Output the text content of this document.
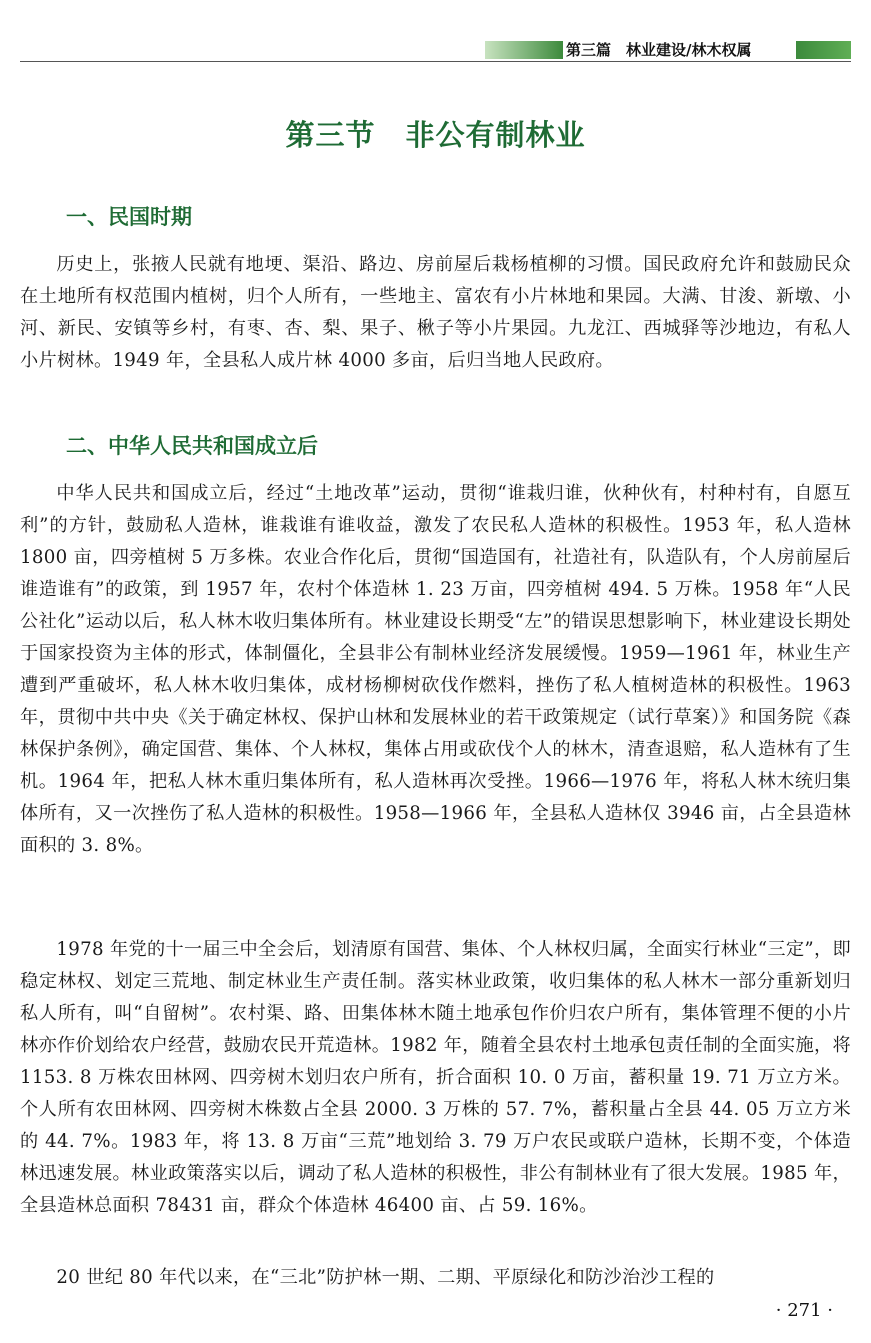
第三篇　林业建设/林木权属
第三节　非公有制林业
一、民国时期

历史上，张掖人民就有地埂、渠沿、路边、房前屋后栽杨植柳的习惯。国民政府允许和鼓励民众在土地所有权范围内植树，归个人所有，一些地主、富农有小片林地和果园。大满、甘浚、新墩、小河、新民、安镇等乡村，有枣、杏、梨、果子、楸子等小片果园。九龙江、西城驿等沙地边，有私人小片树林。1949 年，全县私人成片林 4000 多亩，后归当地人民政府。

二、中华人民共和国成立后

中华人民共和国成立后，经过“土地改革”运动，贯彻“谁栽归谁，伙种伙有，村种村有，自愿互利”的方针，鼓励私人造林，谁栽谁有谁收益，激发了农民私人造林的积极性。1953 年，私人造林 1800 亩，四旁植树 5 万多株。农业合作化后，贯彻“国造国有，社造社有，队造队有，个人房前屋后谁造谁有”的政策，到 1957 年，农村个体造林 1. 23 万亩，四旁植树 494. 5 万株。1958 年“人民公社化”运动以后，私人林木收归集体所有。林业建设长期受“左”的错误思想影响下，林业建设长期处于国家投资为主体的形式，体制僵化，全县非公有制林业经济发展缓慢。1959—1961 年，林业生产遭到严重破坏，私人林木收归集体，成材杨柳树砍伐作燃料，挫伤了私人植树造林的积极性。1963 年，贯彻中共中央《关于确定林权、保护山林和发展林业的若干政策规定（试行草案）》和国务院《森林保护条例》，确定国营、集体、个人林权，集体占用或砍伐个人的林木，清查退赔，私人造林有了生机。1964 年，把私人林木重归集体所有，私人造林再次受挫。1966—1976 年，将私人林木统归集体所有，又一次挫伤了私人造林的积极性。1958—1966 年，全县私人造林仅 3946 亩，占全县造林面积的 3. 8%。

1978 年党的十一届三中全会后，划清原有国营、集体、个人林权归属，全面实行林业“三定”，即稳定林权、划定三荒地、制定林业生产责任制。落实林业政策，收归集体的私人林木一部分重新划归私人所有，叫“自留树”。农村渠、路、田集体林木随土地承包作价归农户所有，集体管理不便的小片林亦作价划给农户经营，鼓励农民开荒造林。1982 年，随着全县农村土地承包责任制的全面实施，将 1153. 8 万株农田林网、四旁树木划归农户所有，折合面积 10. 0 万亩，蓄积量 19. 71 万立方米。个人所有农田林网、四旁树木株数占全县 2000. 3 万株的 57. 7%，蓄积量占全县 44. 05 万立方米的 44. 7%。1983 年，将 13. 8 万亩“三荒”地划给 3. 79 万户农民或联户造林，长期不变，个体造林迅速发展。林业政策落实以后，调动了私人造林的积极性，非公有制林业有了很大发展。1985 年，全县造林总面积 78431 亩，群众个体造林 46400 亩、占 59. 16%。

20 世纪 80 年代以来，在“三北”防护林一期、二期、平原绿化和防沙治沙工程的

· 271 ·
